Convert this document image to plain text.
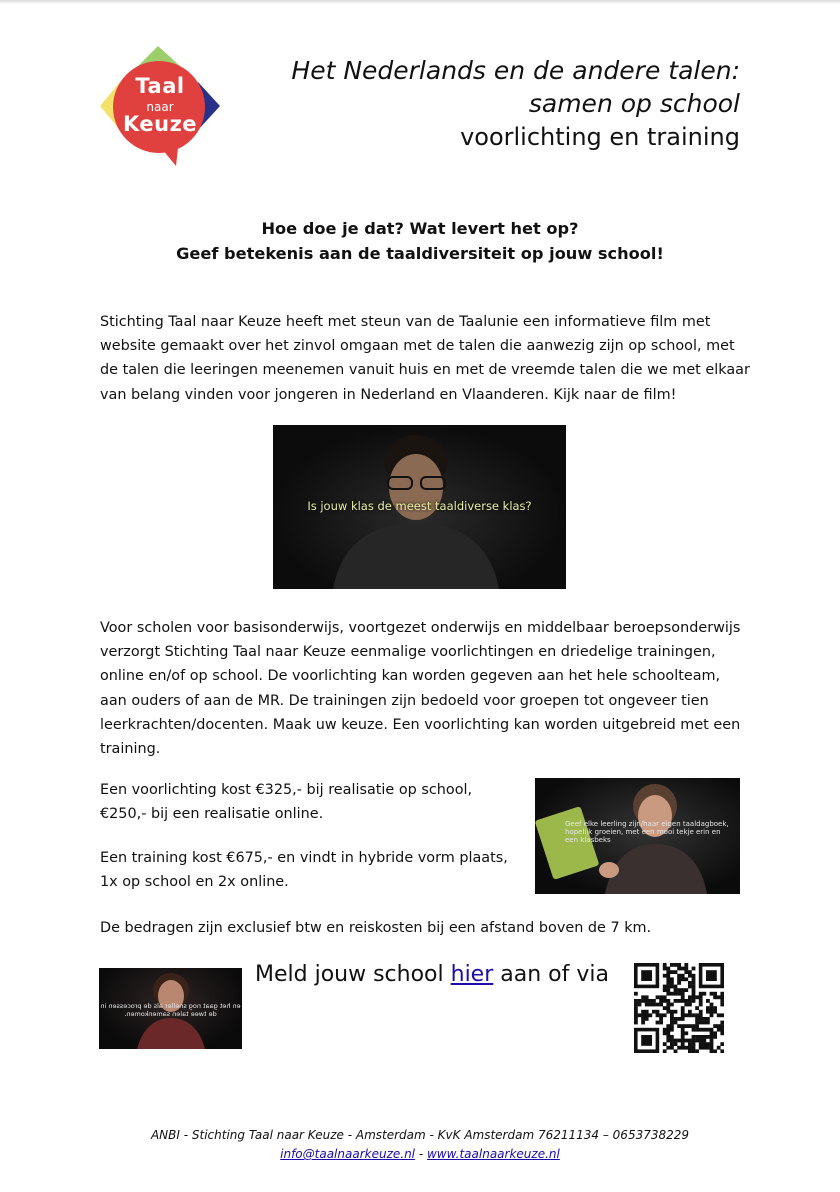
Taal
naar
Keuze
Het Nederlands en de andere talen:
samen op school
voorlichting en training
Hoe doe je dat? Wat levert het op?
Geef betekenis aan de taaldiversiteit op jouw school!
Stichting Taal naar Keuze heeft met steun van de Taalunie een informatieve film met website gemaakt over het zinvol omgaan met de talen die aanwezig zijn op school, met de talen die leeringen meenemen vanuit huis en met de vreemde talen die we met elkaar van belang vinden voor jongeren in Nederland en Vlaanderen. Kijk naar de film!
Is jouw klas de meest taaldiverse klas?
Voor scholen voor basisonderwijs, voortgezet onderwijs en middelbaar beroepsonderwijs verzorgt Stichting Taal naar Keuze eenmalige voorlichtingen en driedelige trainingen, online en/of op school. De voorlichting kan worden gegeven aan het hele schoolteam, aan ouders of aan de MR. De trainingen zijn bedoeld voor groepen tot ongeveer tien leerkrachten/docenten. Maak uw keuze. Een voorlichting kan worden uitgebreid met een training.
Een voorlichting kost €325,- bij realisatie op school, €250,- bij een realisatie online.
Een training kost €675,- en vindt in hybride vorm plaats, 1x op school en 2x online.
Geef elke leerling zijn/haar eigen taaldagboek, hopelijk groeien, met een mooi tekje erin en een klasbeks
De bedragen zijn exclusief btw en reiskosten bij een afstand boven de 7 km.
en het gaat nog sneller als de processen in de twee talen samenkomen.
Meld jouw school hier aan of via
ANBI - Stichting Taal naar Keuze - Amsterdam - KvK Amsterdam 76211134 – 0653738229
info@taalnaarkeuze.nl - www.taalnaarkeuze.nl
